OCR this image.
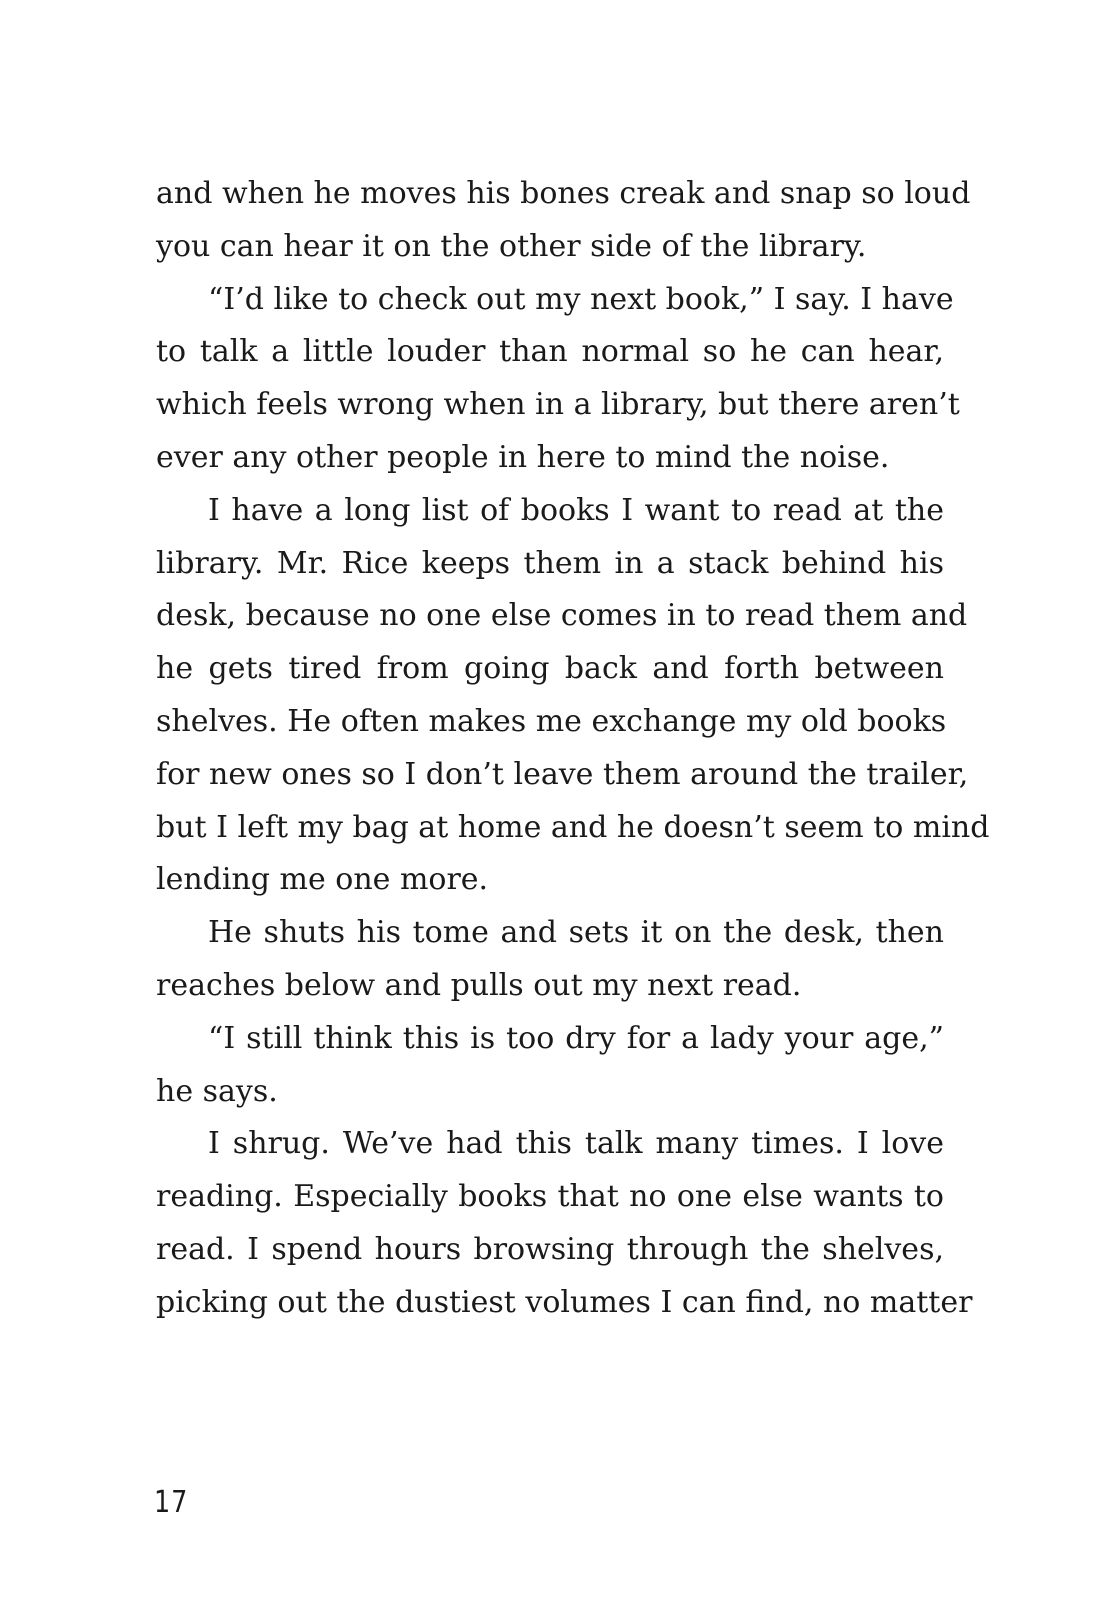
and when he moves his bones creak and snap so loud
you can hear it on the other side of the library.
“I’d like to check out my next book,” I say. I have
to talk a little louder than normal so he can hear,
which feels wrong when in a library, but there aren’t
ever any other people in here to mind the noise.
I have a long list of books I want to read at the
library. Mr. Rice keeps them in a stack behind his
desk, because no one else comes in to read them and
he gets tired from going back and forth between
shelves. He often makes me exchange my old books
for new ones so I don’t leave them around the trailer,
but I left my bag at home and he doesn’t seem to mind
lending me one more.
He shuts his tome and sets it on the desk, then
reaches below and pulls out my next read.
“I still think this is too dry for a lady your age,”
he says.
I shrug. We’ve had this talk many times. I love
reading. Especially books that no one else wants to
read. I spend hours browsing through the shelves,
picking out the dustiest volumes I can find, no matter
17
